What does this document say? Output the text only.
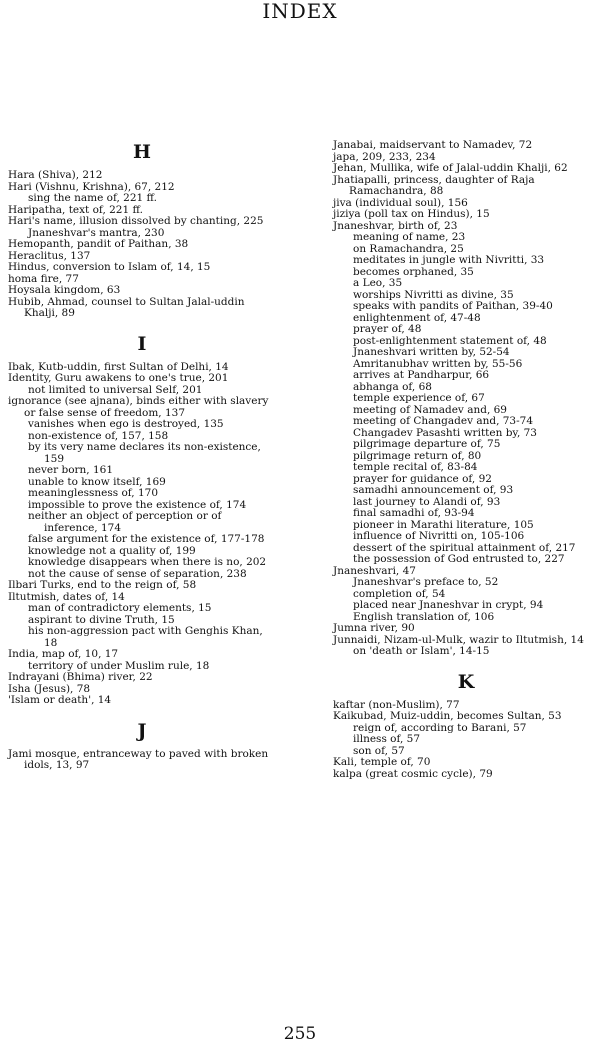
INDEX
H
Hara (Shiva), 212
Hari (Vishnu, Krishna), 67, 212
sing the name of, 221 ff.
Haripatha, text of, 221 ff.
Hari's name, illusion dissolved by chanting, 225
Jnaneshvar's mantra, 230
Hemopanth, pandit of Paithan, 38
Heraclitus, 137
Hindus, conversion to Islam of, 14, 15
homa fire, 77
Hoysala kingdom, 63
Hubib, Ahmad, counsel to Sultan Jalal-uddin Khalji, 89
I
Ibak, Kutb-uddin, first Sultan of Delhi, 14
Identity, Guru awakens to one's true, 201
not limited to universal Self, 201
ignorance (see ajnana), binds either with slavery or false sense of freedom, 137
vanishes when ego is destroyed, 135
non-existence of, 157, 158
by its very name declares its non-existence, 159
never born, 161
unable to know itself, 169
meaninglessness of, 170
impossible to prove the existence of, 174
neither an object of perception or of inference, 174
false argument for the existence of, 177-178
knowledge not a quality of, 199
knowledge disappears when there is no, 202
not the cause of sense of separation, 238
Ilbari Turks, end to the reign of, 58
Iltutmish, dates of, 14
man of contradictory elements, 15
aspirant to divine Truth, 15
his non-aggression pact with Genghis Khan, 18
India, map of, 10, 17
territory of under Muslim rule, 18
Indrayani (Bhima) river, 22
Isha (Jesus), 78
'Islam or death', 14
J
Jami mosque, entranceway to paved with broken idols, 13, 97
Janabai, maidservant to Namadev, 72
japa, 209, 233, 234
Jehan, Mullika, wife of Jalal-uddin Khalji, 62
Jhatiapalli, princess, daughter of Raja Ramachandra, 88
jiva (individual soul), 156
jiziya (poll tax on Hindus), 15
Jnaneshvar, birth of, 23
meaning of name, 23
on Ramachandra, 25
meditates in jungle with Nivritti, 33
becomes orphaned, 35
a Leo, 35
worships Nivritti as divine, 35
speaks with pandits of Paithan, 39-40
enlightenment of, 47-48
prayer of, 48
post-enlightenment statement of, 48
Jnaneshvari written by, 52-54
Amritanubhav written by, 55-56
arrives at Pandharpur, 66
abhanga of, 68
temple experience of, 67
meeting of Namadev and, 69
meeting of Changadev and, 73-74
Changadev Pasashti written by, 73
pilgrimage departure of, 75
pilgrimage return of, 80
temple recital of, 83-84
prayer for guidance of, 92
samadhi announcement of, 93
last journey to Alandi of, 93
final samadhi of, 93-94
pioneer in Marathi literature, 105
influence of Nivritti on, 105-106
dessert of the spiritual attainment of, 217
the possession of God entrusted to, 227
Jnaneshvari, 47
Jnaneshvar's preface to, 52
completion of, 54
placed near Jnaneshvar in crypt, 94
English translation of, 106
Jumna river, 90
Junnaidi, Nizam-ul-Mulk, wazir to Iltutmish, 14
on 'death or Islam', 14-15
K
kaftar (non-Muslim), 77
Kaikubad, Muiz-uddin, becomes Sultan, 53
reign of, according to Barani, 57
illness of, 57
son of, 57
Kali, temple of, 70
kalpa (great cosmic cycle), 79
255
